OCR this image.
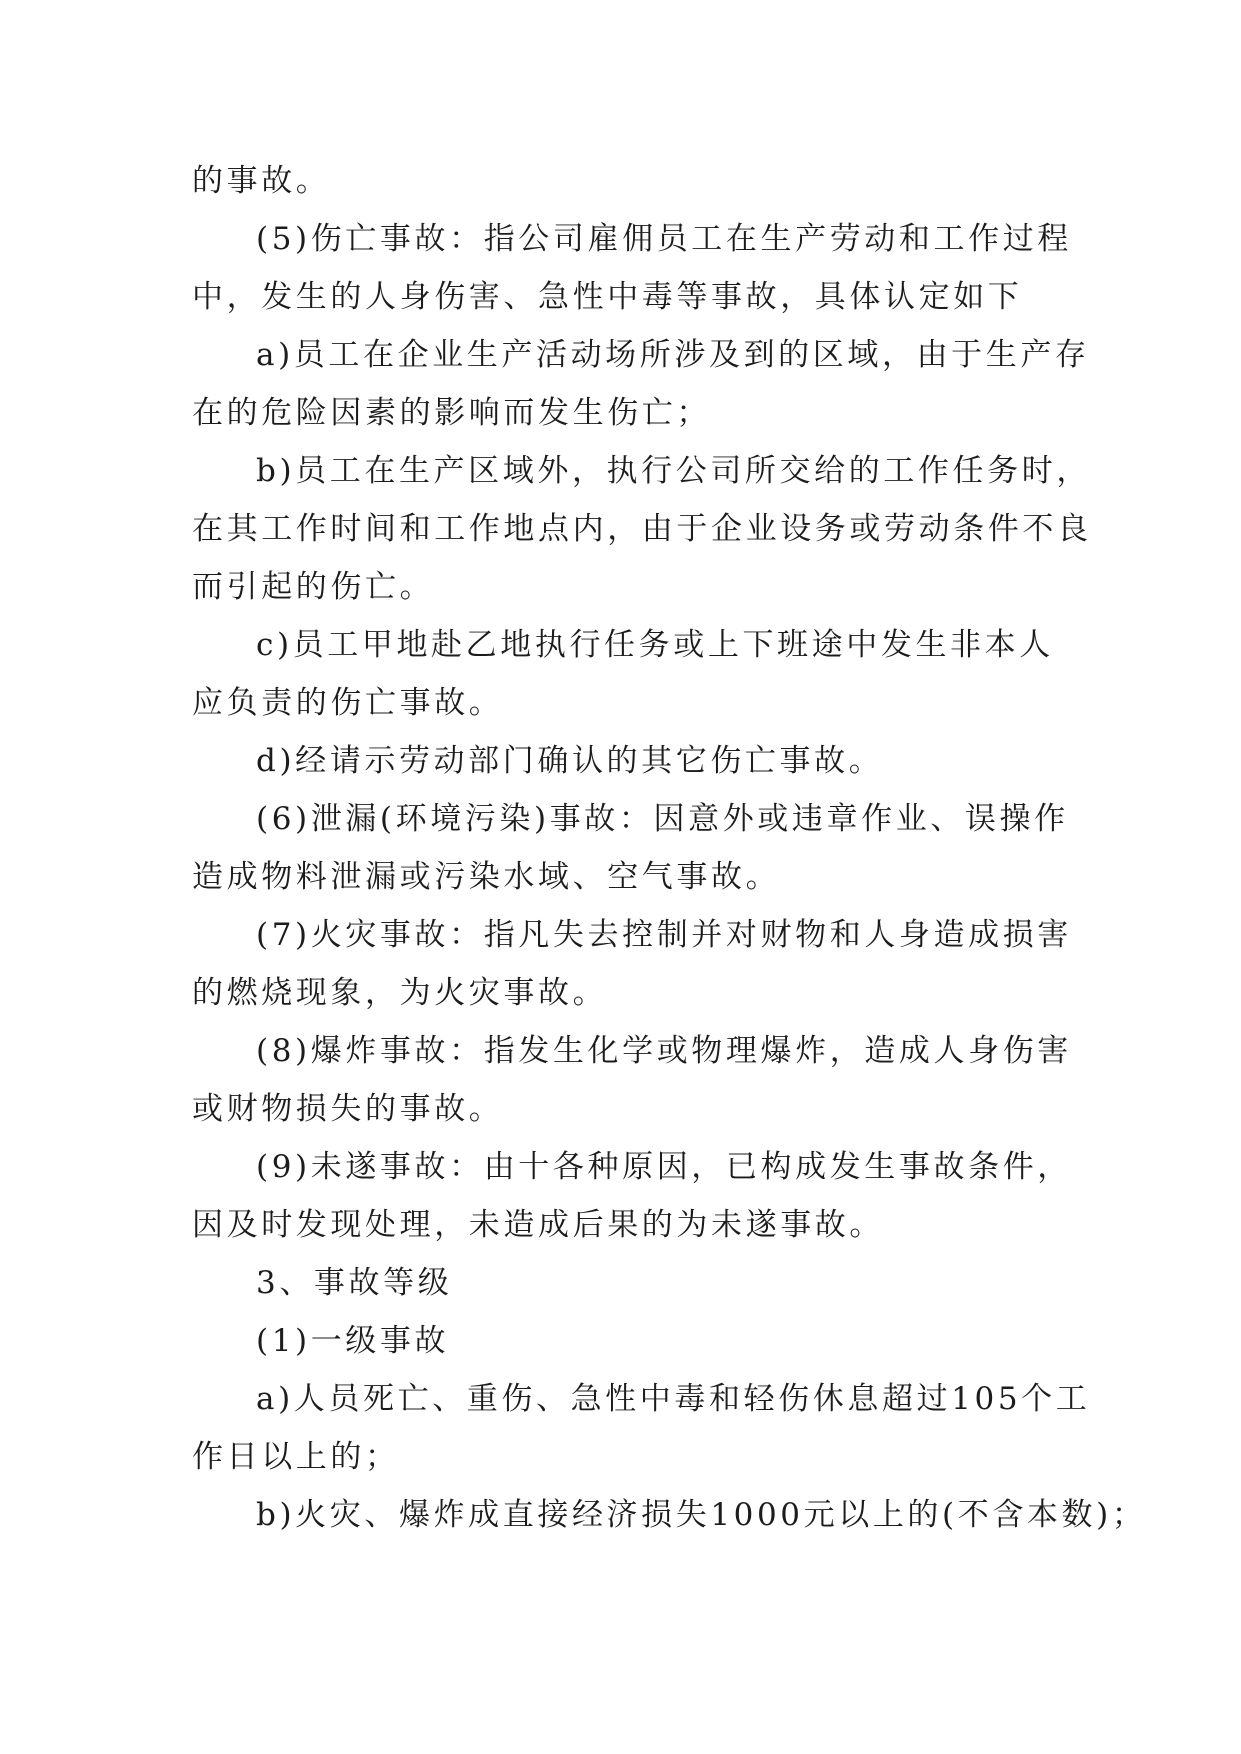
的事故。

(5)伤亡事故：指公司雇佣员工在生产劳动和工作过程

中，发生的人身伤害、急性中毒等事故，具体认定如下

a)员工在企业生产活动场所涉及到的区域，由于生产存

在的危险因素的影响而发生伤亡；

b)员工在生产区域外，执行公司所交给的工作任务时，

在其工作时间和工作地点内，由于企业设务或劳动条件不良

而引起的伤亡。

c)员工甲地赴乙地执行任务或上下班途中发生非本人

应负责的伤亡事故。

d)经请示劳动部门确认的其它伤亡事故。

(6)泄漏(环境污染)事故：因意外或违章作业、误操作

造成物料泄漏或污染水域、空气事故。

(7)火灾事故：指凡失去控制并对财物和人身造成损害

的燃烧现象，为火灾事故。

(8)爆炸事故：指发生化学或物理爆炸，造成人身伤害

或财物损失的事故。

(9)未遂事故：由十各种原因，已构成发生事故条件，

因及时发现处理，未造成后果的为未遂事故。

3、事故等级

(1)一级事故

a)人员死亡、重伤、急性中毒和轻伤休息超过105个工

作日以上的；

b)火灾、爆炸成直接经济损失1000元以上的(不含本数)；
